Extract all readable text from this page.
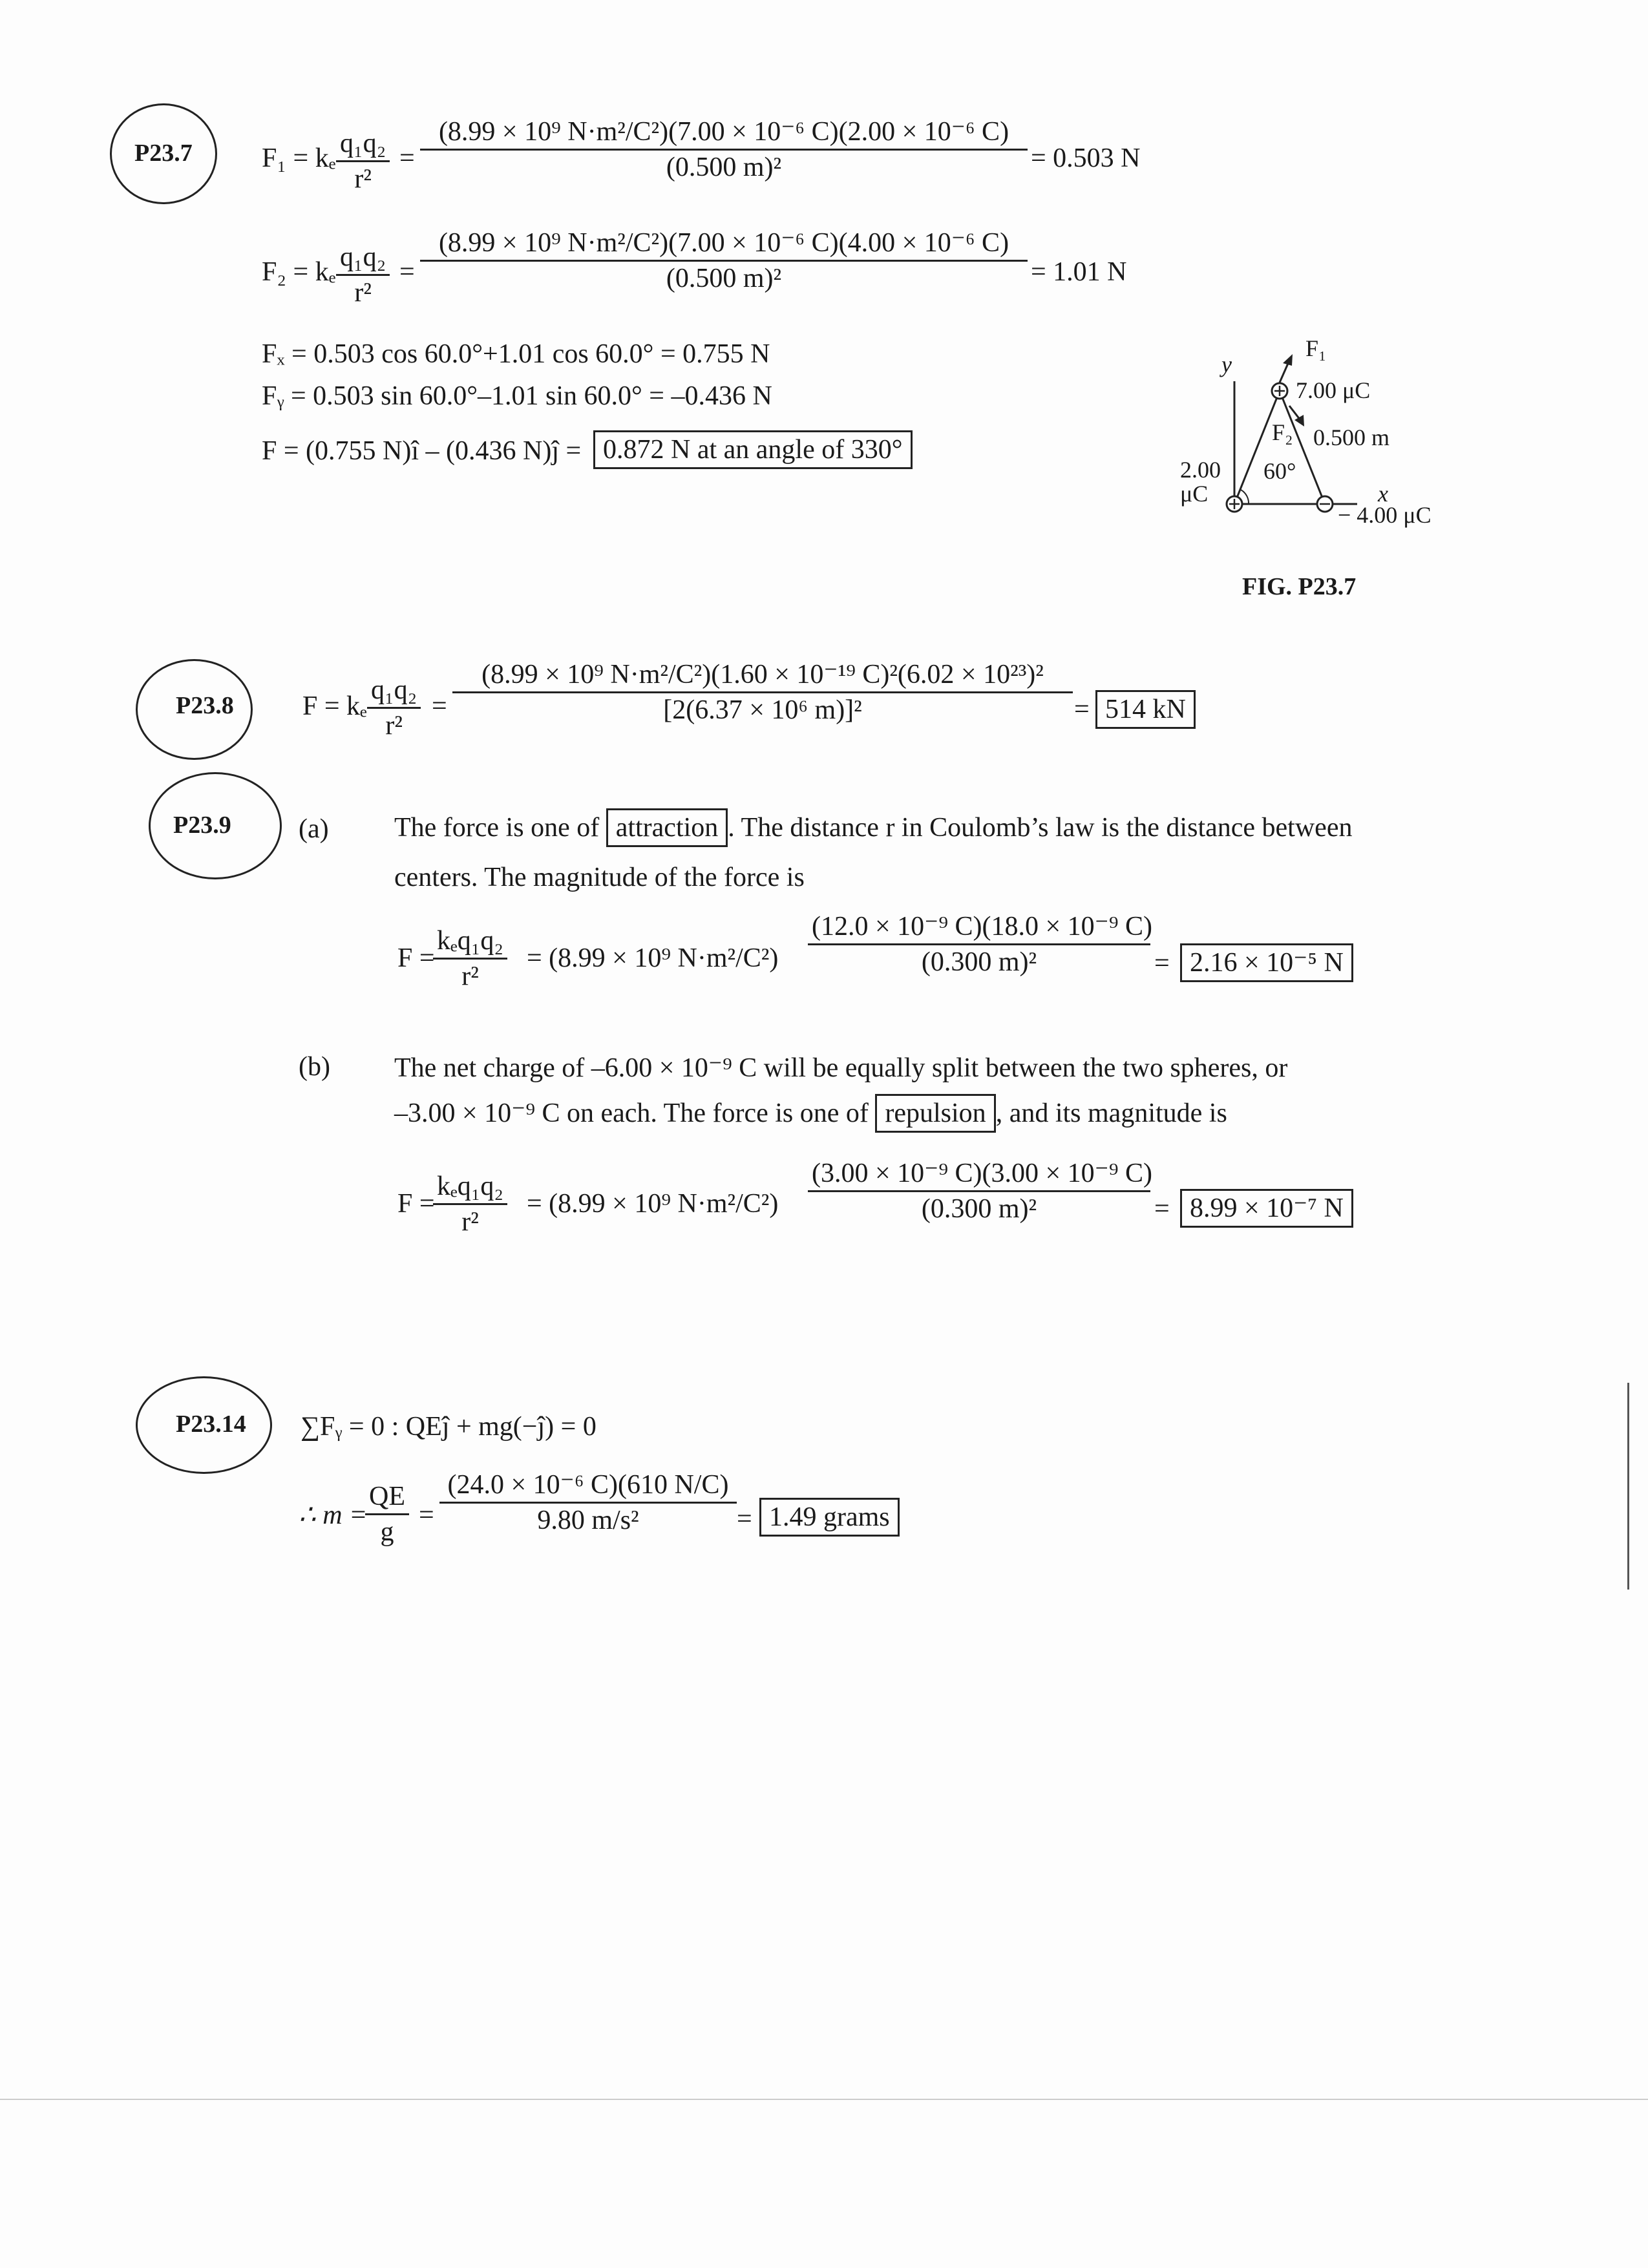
P23.7	F₁ = kₑ q₁q₂
r²
=
(8.99 × 10⁹ N·m²/C²)(7.00 × 10⁻⁶ C)(2.00 × 10⁻⁶ C)
(0.500 m)²	= 0.503 N
F₂ = kₑ q₁q₂
r²
=
(8.99 × 10⁹ N·m²/C²)(7.00 × 10⁻⁶ C)(4.00 × 10⁻⁶ C)
(0.500 m)²	= 1.01 N
Fₓ = 0.503 cos 60.0°+1.01 cos 60.0° = 0.755 N
Fᵧ = 0.503 sin 60.0°–1.01 sin 60.0° = –0.436 N
F = (0.755 N)î – (0.436 N)ĵ = 0.872 N at an angle of 330°
y
F₁
7.00 μC
F₂ 0.500 m
60°
2.00
μC	x
− 4.00 μC
FIG. P23.7
P23.8	F = kₑ
q₁q₂
r²
=
(8.99 × 10⁹ N·m²/C²)(1.60 × 10⁻¹⁹ C)²(6.02 × 10²³)²
[2(6.37 × 10⁶ m)]²	= 514 kN
P23.9 (a) The force is one of attraction . The distance r in Coulomb’s law is the distance between
centers. The magnitude of the force is
F =
kₑq₁q₂
r²
= (8.99 × 10⁹ N·m²/C²)
(12.0 × 10⁻⁹ C)(18.0 × 10⁻⁹ C)
(0.300 m)²	= 2.16 × 10⁻⁵ N
(b) The net charge of –6.00 × 10⁻⁹ C will be equally split between the two spheres, or
–3.00 × 10⁻⁹ C on each. The force is one of repulsion , and its magnitude is
F =
kₑq₁q₂
r²
= (8.99 × 10⁹ N·m²/C²)
(3.00 × 10⁻⁹ C)(3.00 × 10⁻⁹ C)
(0.300 m)²	= 8.99 × 10⁻⁷ N
P23.14 ∑Fᵧ = 0 : QEĵ + mg(−ĵ) = 0
∴ m =
QE
g
=
(24.0 × 10⁻⁶ C)(610 N/C)
9.80 m/s²	= 1.49 grams
